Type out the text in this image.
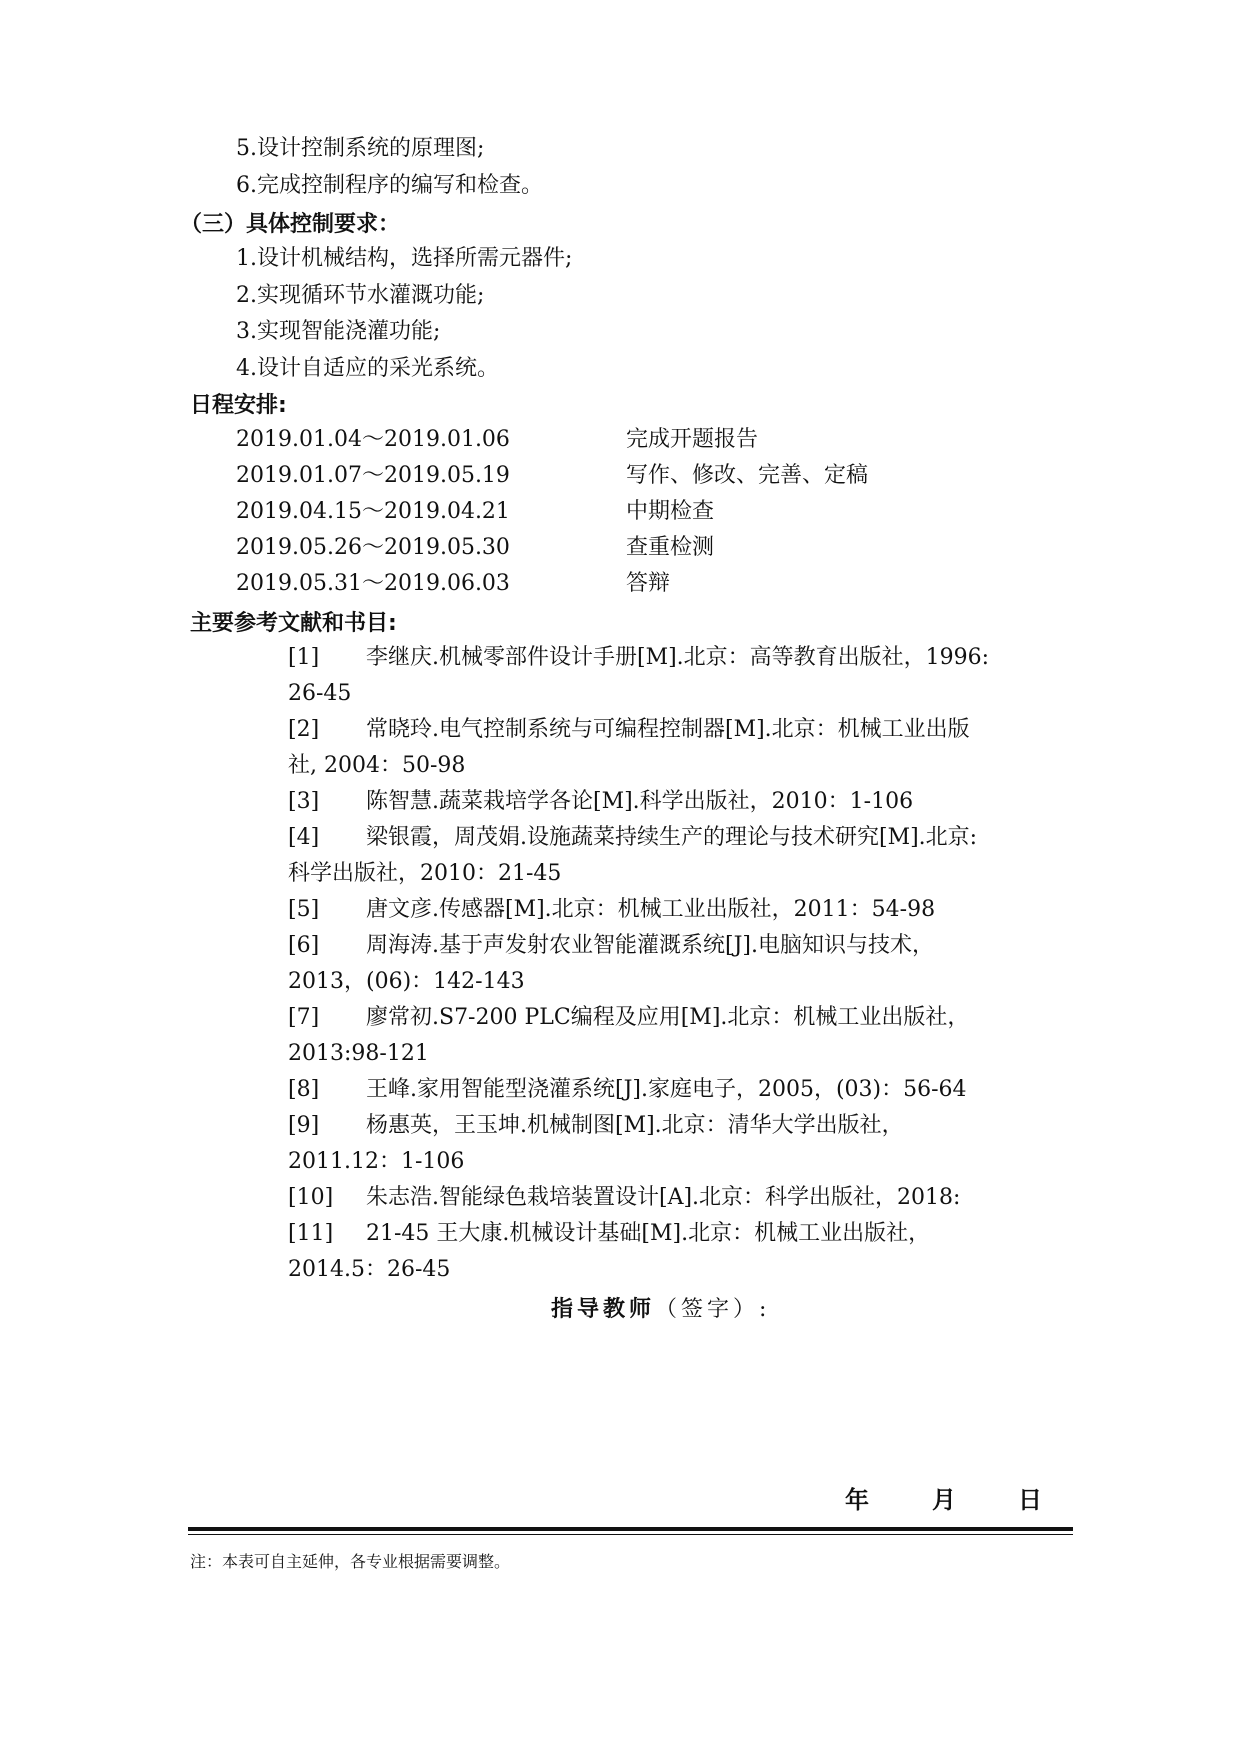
5.设计控制系统的原理图;
6.完成控制程序的编写和检查。
（三）具体控制要求：
1.设计机械结构，选择所需元器件;
2.实现循环节水灌溉功能;
3.实现智能浇灌功能;
4.设计自适应的采光系统。
日程安排:
2019.01.04～2019.01.06	完成开题报告
2019.01.07～2019.05.19	写作、修改、完善、定稿
2019.04.15～2019.04.21	中期检查
2019.05.26～2019.05.30	查重检测
2019.05.31～2019.06.03	答辩
主要参考文献和书目:
[1] 李继庆.机械零部件设计手册[M].北京：高等教育出版社，1996:
26-45
[2] 常晓玲.电气控制系统与可编程控制器[M].北京：机械工业出版
社, 2004：50-98
[3] 陈智慧.蔬菜栽培学各论[M].科学出版社，2010：1-106
[4] 梁银霞，周茂娟.设施蔬菜持续生产的理论与技术研究[M].北京:
科学出版社，2010：21-45
[5] 唐文彦.传感器[M].北京：机械工业出版社，2011：54-98
[6] 周海涛.基于声发射农业智能灌溉系统[J].电脑知识与技术，
2013，(06)：142-143
[7] 廖常初.S7-200 PLC编程及应用[M].北京：机械工业出版社，
2013:98-121
[8] 王峰.家用智能型浇灌系统[J].家庭电子，2005，(03)：56-64
[9] 杨惠英，王玉坤.机械制图[M].北京：清华大学出版社，
2011.12：1-106
[10] 朱志浩.智能绿色栽培装置设计[A].北京：科学出版社，2018:
[11] 21-45 王大康.机械设计基础[M].北京：机械工业出版社，
2014.5：26-45
指导教师（签字）:
年	月	日
注：本表可自主延伸，各专业根据需要调整。
